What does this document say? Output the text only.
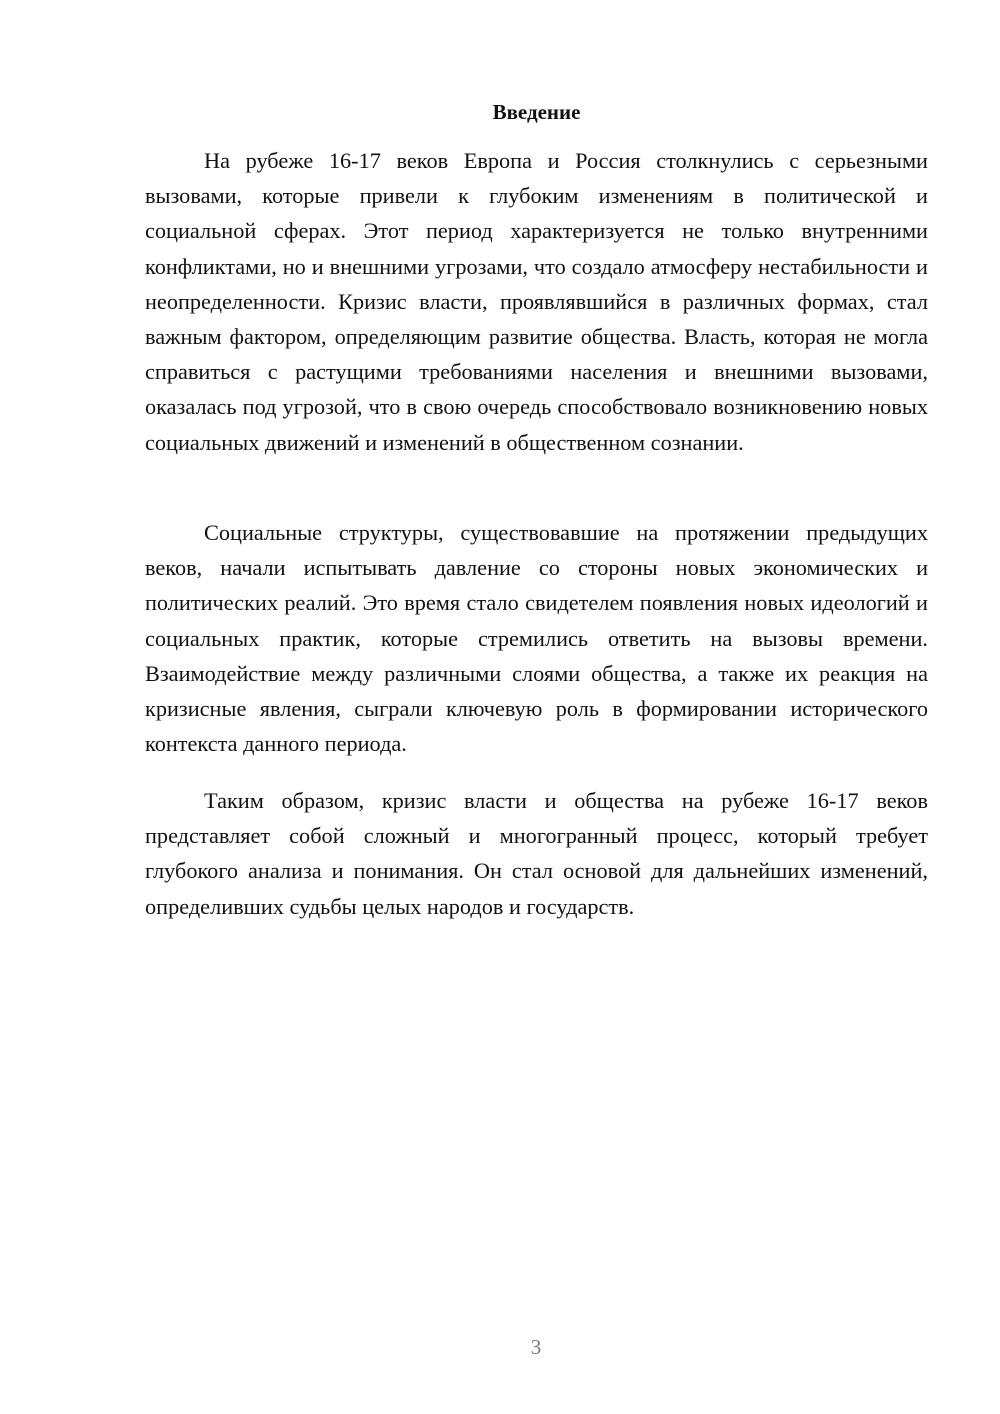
Введение

На рубеже 16-17 веков Европа и Россия столкнулись с серьезными вызовами, которые привели к глубоким изменениям в политической и социальной сферах. Этот период характеризуется не только внутренними конфликтами, но и внешними угрозами, что создало атмосферу нестабильности и неопределенности. Кризис власти, проявлявшийся в различных формах, стал важным фактором, определяющим развитие общества. Власть, которая не могла справиться с растущими требованиями населения и внешними вызовами, оказалась под угрозой, что в свою очередь способствовало возникновению новых социальных движений и изменений в общественном сознании.

Социальные структуры, существовавшие на протяжении предыдущих веков, начали испытывать давление со стороны новых экономических и политических реалий. Это время стало свидетелем появления новых идеологий и социальных практик, которые стремились ответить на вызовы времени. Взаимодействие между различными слоями общества, а также их реакция на кризисные явления, сыграли ключевую роль в формировании исторического контекста данного периода.

Таким образом, кризис власти и общества на рубеже 16-17 веков представляет собой сложный и многогранный процесс, который требует глубокого анализа и понимания. Он стал основой для дальнейших изменений, определивших судьбы целых народов и государств.

3
